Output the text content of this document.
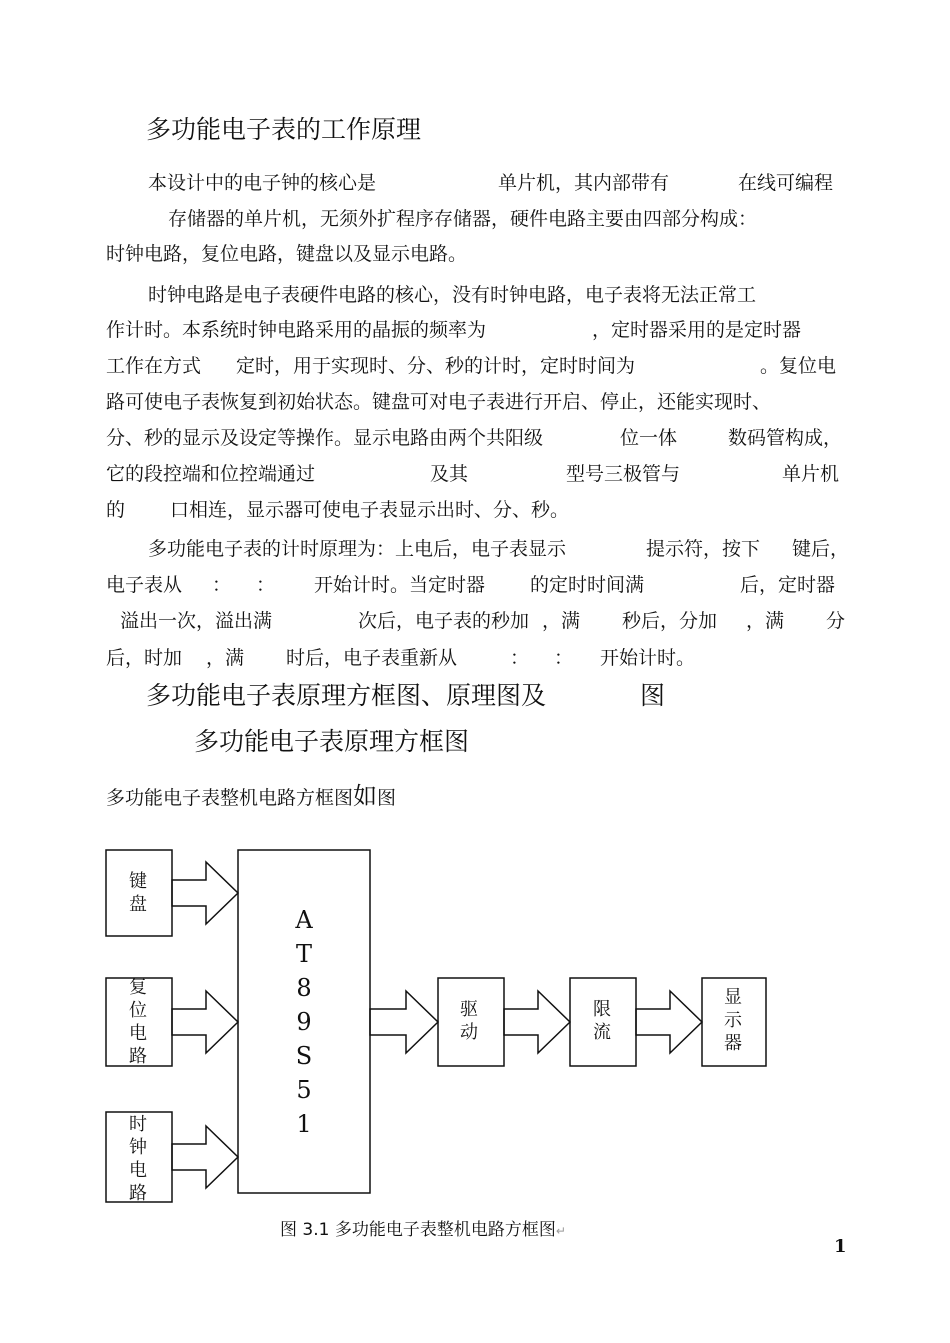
多功能电子表的工作原理
本设计中的电子钟的核心是	单片机，其内部带有	在线可编程
存储器的单片机，无须外扩程序存储器，硬件电路主要由四部分构成：
时钟电路，复位电路，键盘以及显示电路。
时钟电路是电子表硬件电路的核心，没有时钟电路，电子表将无法正常工
作计时。本系统时钟电路采用的晶振的频率为	，定时器采用的是定时器
工作在方式 定时，用于实现时、分、秒的计时，定时时间为	。复位电
路可使电子表恢复到初始状态。键盘可对电子表进行开启、停止，还能实现时、
分、秒的显示及设定等操作。显示电路由两个共阳级	位一体	数码管构成，
它的段控端和位控端通过	及其	型号三极管与	单片机
的 口相连，显示器可使电子表显示出时、分、秒。
多功能电子表的计时原理为：上电后，电子表显示	提示符，按下 键后，
电子表从 ： ： 开始计时。当定时器 的定时时间满	后，定时器
溢出一次，溢出满	次后，电子表的秒加 ，满 秒后，分加 ，满 分
后，时加 ，满 时后，电子表重新从	： ： 开始计时。
多功能电子表原理方框图、原理图及	图
多功能电子表原理方框图
多功能电子表整机电路方框图如图
键
盘
复
位
电
路
时
钟
电
路
驱
动
限
流
显
示
器
A
T
8
9
S
5
1
图 3.1 多功能电子表整机电路方框图↵
1
